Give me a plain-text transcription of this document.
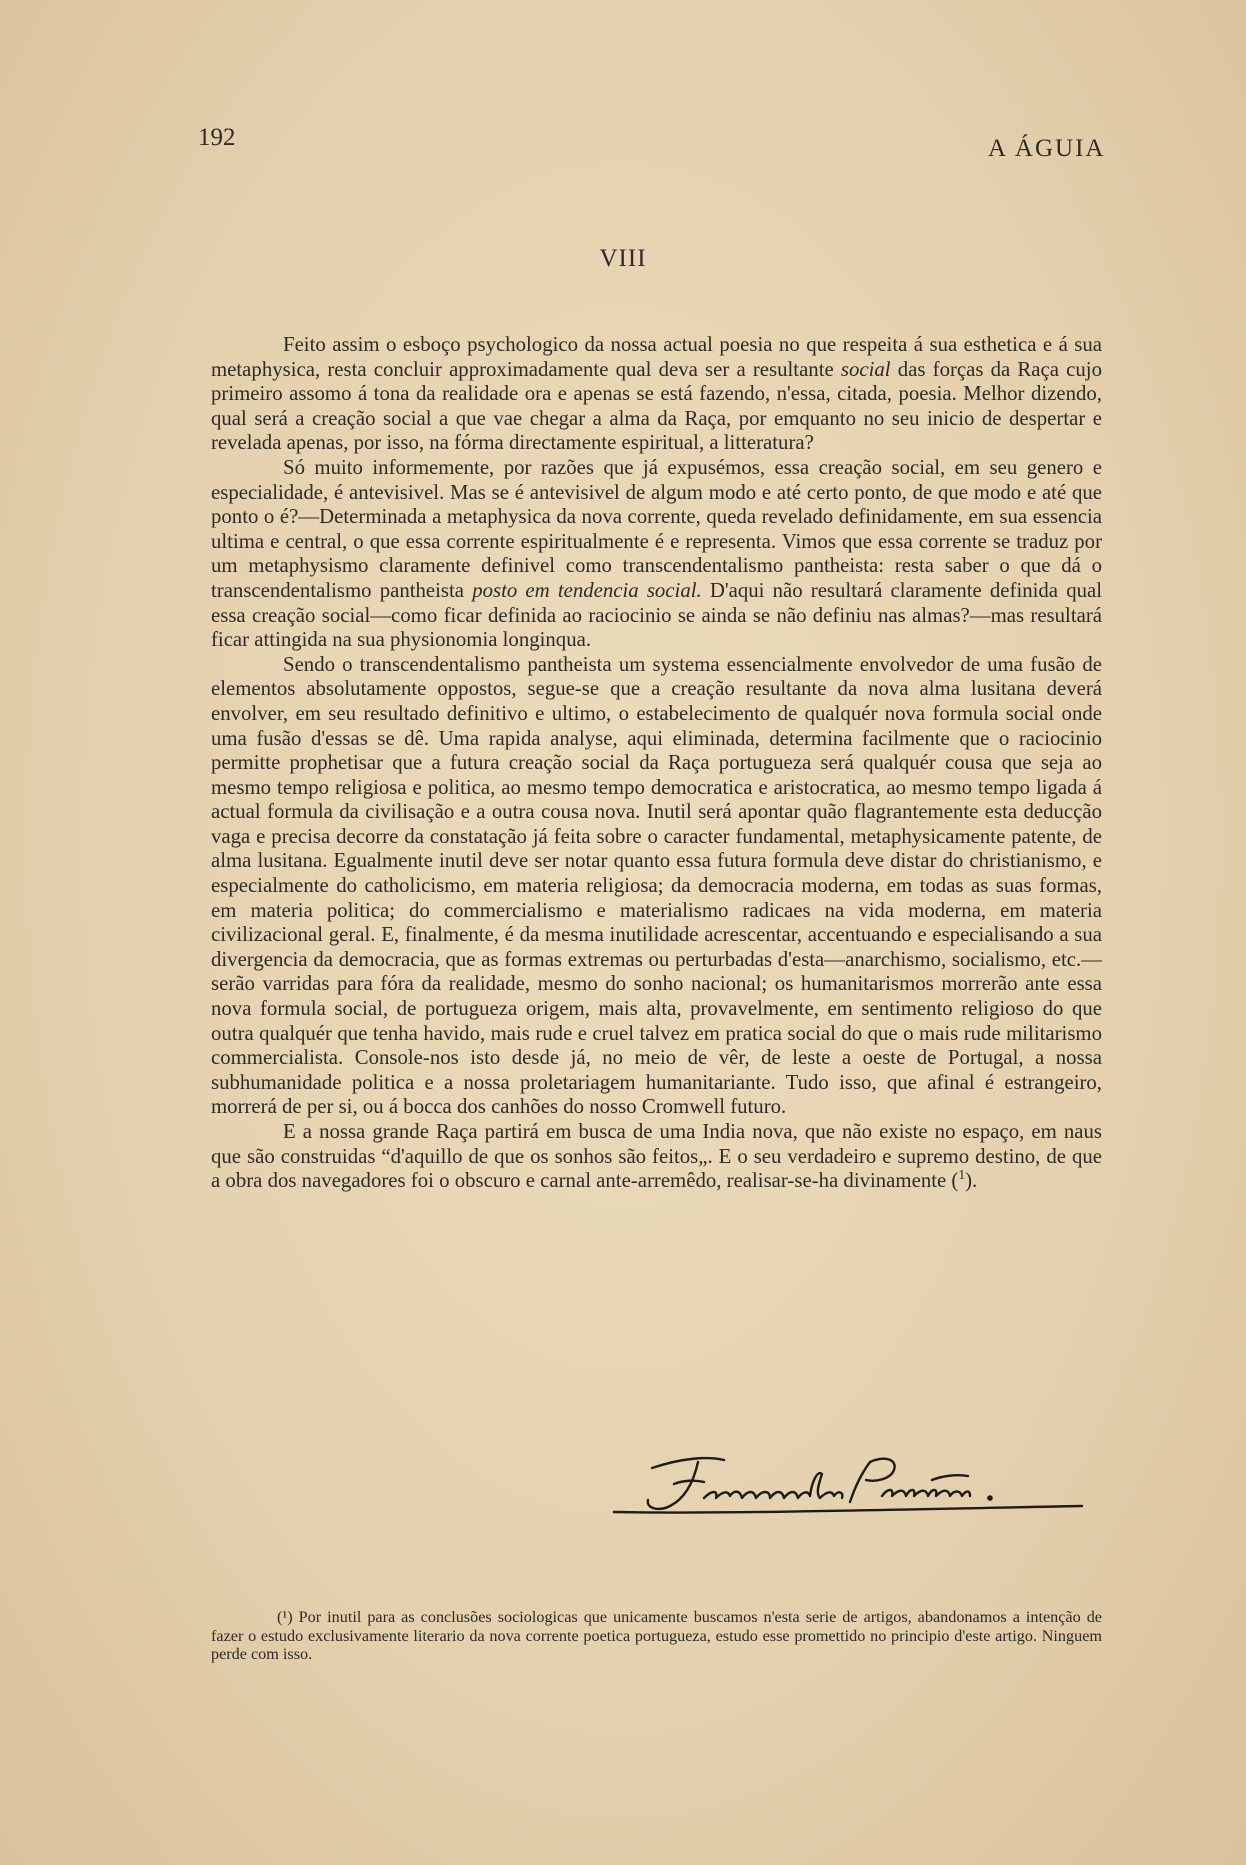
192	A ÁGUIA
VIII

Feito assim o esboço psychologico da nossa actual poesia no que respeita á sua esthetica e á sua metaphysica, resta concluir approximadamente qual deva ser a resultante social das forças da Raça cujo primeiro assomo á tona da realidade ora e apenas se está fazendo, n'essa, citada, poesia. Melhor dizendo, qual será a creação social a que vae chegar a alma da Raça, por emquanto no seu inicio de despertar e revelada apenas, por isso, na fórma directamente espiritual, a litteratura?

Só muito informemente, por razões que já expusémos, essa creação social, em seu genero e especialidade, é antevisivel. Mas se é antevisivel de algum modo e até certo ponto, de que modo e até que ponto o é?—Determinada a metaphysica da nova corrente, queda revelado definidamente, em sua essencia ultima e central, o que essa corrente espiritualmente é e representa. Vimos que essa corrente se traduz por um metaphysismo claramente definivel como transcendentalismo pantheista: resta saber o que dá o transcendentalismo pantheista posto em tendencia social. D'aqui não resultará claramente definida qual essa creação social—como ficar definida ao raciocinio se ainda se não definiu nas almas?—mas resultará ficar attingida na sua physionomia longinqua.

Sendo o transcendentalismo pantheista um systema essencialmente envolvedor de uma fusão de elementos absolutamente oppostos, segue-se que a creação resultante da nova alma lusitana deverá envolver, em seu resultado definitivo e ultimo, o estabelecimento de qualquér nova formula social onde uma fusão d'essas se dê. Uma rapida analyse, aqui eliminada, determina facilmente que o raciocinio permitte prophetisar que a futura creação social da Raça portugueza será qualquér cousa que seja ao mesmo tempo religiosa e politica, ao mesmo tempo democratica e aristocratica, ao mesmo tempo ligada á actual formula da civilisação e a outra cousa nova. Inutil será apontar quão flagrantemente esta deducção vaga e precisa decorre da constatação já feita sobre o caracter fundamental, metaphysicamente patente, de alma lusitana. Egualmente inutil deve ser notar quanto essa futura formula deve distar do christianismo, e especialmente do catholicismo, em materia religiosa; da democracia moderna, em todas as suas formas, em materia politica; do commercialismo e materialismo radicaes na vida moderna, em materia civilizacional geral. E, finalmente, é da mesma inutilidade acrescentar, accentuando e especialisando a sua divergencia da democracia, que as formas extremas ou perturbadas d'esta—anarchismo, socialismo, etc.—serão varridas para fóra da realidade, mesmo do sonho nacional; os humanitarismos morrerão ante essa nova formula social, de portugueza origem, mais alta, provavelmente, em sentimento religioso do que outra qualquér que tenha havido, mais rude e cruel talvez em pratica social do que o mais rude militarismo commercialista. Console-nos isto desde já, no meio de vêr, de leste a oeste de Portugal, a nossa subhumanidade politica e a nossa proletariagem humanitariante. Tudo isso, que afinal é estrangeiro, morrerá de per si, ou á bocca dos canhões do nosso Cromwell futuro.

E a nossa grande Raça partirá em busca de uma India nova, que não existe no espaço, em naus que são construidas “d'aquillo de que os sonhos são feitos„. E o seu verdadeiro e supremo destino, de que a obra dos navegadores foi o obscuro e carnal ante-arremêdo, realisar-se-ha divinamente ($^1$).

(¹) Por inutil para as conclusões sociologicas que unicamente buscamos n'esta serie de artigos, abandonamos a intenção de fazer o estudo exclusivamente literario da nova corrente poetica portugueza, estudo esse promettido no principio d'este artigo. Ninguem perde com isso.
